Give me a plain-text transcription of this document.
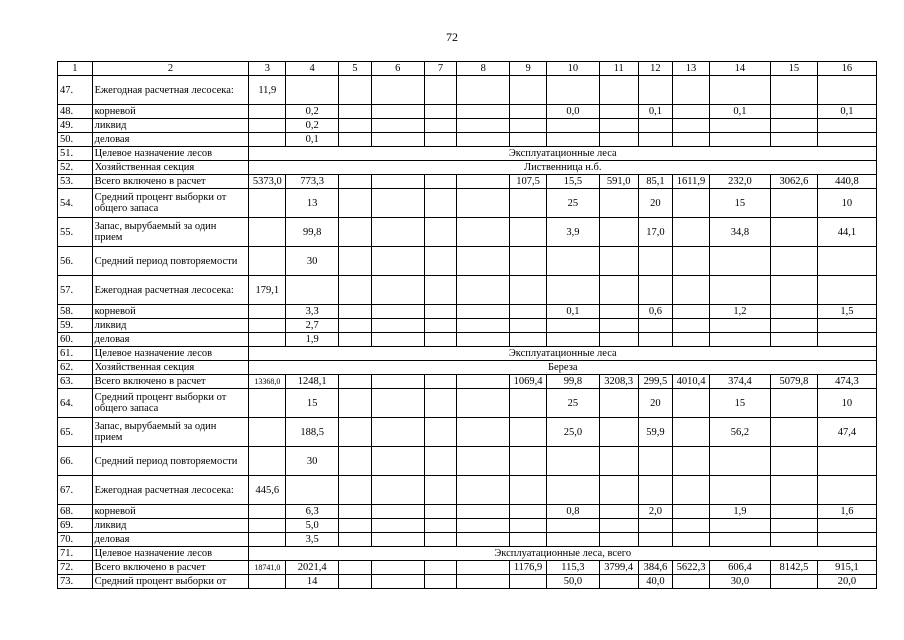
72
1	2	3	4	5	6	7	8	9	10	11	12	13	14	15	16
47.	Ежегодная расчетная лесосека:	11,9													
48.	корневой		0,2						0,0		0,1		0,1		0,1
49.	ликвид		0,2												
50.	деловая		0,1												
51.	Целевое назначение лесов	Эксплуатационные леса													
52.	Хозяйственная секция	Лиственница н.б.													
53.	Всего включено в расчет	5373,0	773,3					107,5	15,5	591,0	85,1	1611,9	232,0	3062,6	440,8
54.	Средний процент выборки от общего запаса		13						25		20		15		10
55.	Запас, вырубаемый за один прием		99,8						3,9		17,0		34,8		44,1
56.	Средний период повторяемости		30												
57.	Ежегодная расчетная лесосека:	179,1													
58.	корневой		3,3						0,1		0,6		1,2		1,5
59.	ликвид		2,7												
60.	деловая		1,9												
61.	Целевое назначение лесов	Эксплуатационные леса													
62.	Хозяйственная секция	Береза													
63.	Всего включено в расчет	13368,0	1248,1					1069,4	99,8	3208,3	299,5	4010,4	374,4	5079,8	474,3
64.	Средний процент выборки от общего запаса		15						25		20		15		10
65.	Запас, вырубаемый за один прием		188,5						25,0		59,9		56,2		47,4
66.	Средний период повторяемости		30												
67.	Ежегодная расчетная лесосека:	445,6													
68.	корневой		6,3						0,8		2,0		1,9		1,6
69.	ликвид		5,0												
70.	деловая		3,5												
71.	Целевое назначение лесов	Эксплуатационные леса, всего													
72.	Всего включено в расчет	18741,0	2021,4					1176,9	115,3	3799,4	384,6	5622,3	606,4	8142,5	915,1
73.	Средний процент выборки от		14						50,0		40,0		30,0		20,0
